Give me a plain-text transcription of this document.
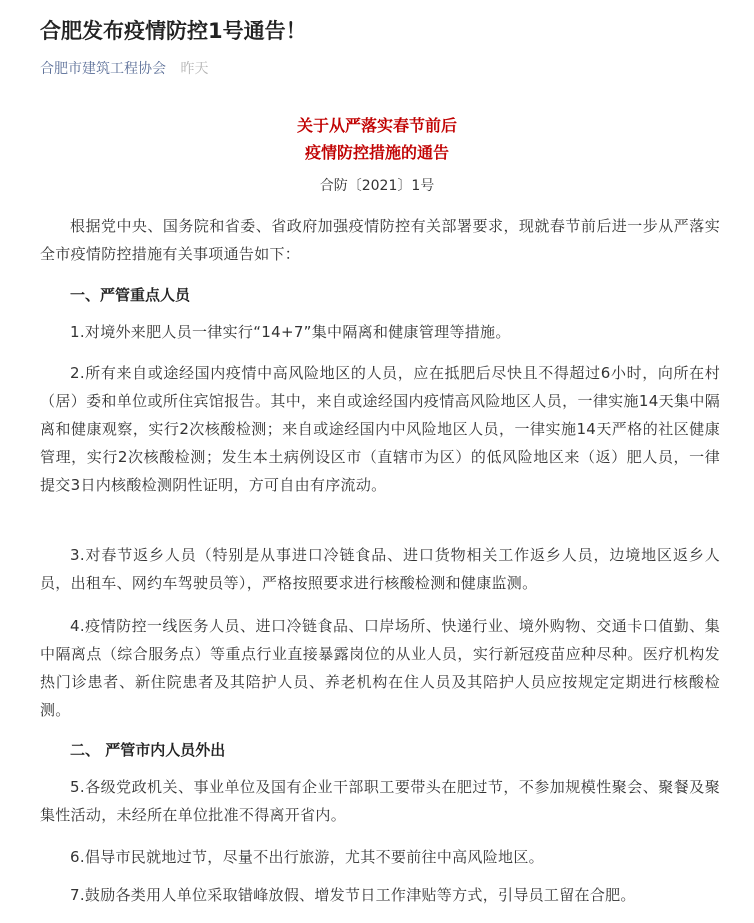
合肥发布疫情防控1号通告！
合肥市建筑工程协会 昨天
关于从严落实春节前后
疫情防控措施的通告
合防〔2021〕1号

根据党中央、国务院和省委、省政府加强疫情防控有关部署要求，现就春节前后进一步从严落实全市疫情防控措施有关事项通告如下：

一、严管重点人员

1.对境外来肥人员一律实行“14+7”集中隔离和健康管理等措施。

2.所有来自或途经国内疫情中高风险地区的人员，应在抵肥后尽快且不得超过6小时，向所在村（居）委和单位或所住宾馆报告。其中，来自或途经国内疫情高风险地区人员，一律实施14天集中隔离和健康观察，实行2次核酸检测；来自或途经国内中风险地区人员，一律实施14天严格的社区健康管理，实行2次核酸检测；发生本土病例设区市（直辖市为区）的低风险地区来（返）肥人员，一律提交3日内核酸检测阴性证明，方可自由有序流动。

3.对春节返乡人员（特别是从事进口冷链食品、进口货物相关工作返乡人员，边境地区返乡人员，出租车、网约车驾驶员等），严格按照要求进行核酸检测和健康监测。

4.疫情防控一线医务人员、进口冷链食品、口岸场所、快递行业、境外购物、交通卡口值勤、集中隔离点（综合服务点）等重点行业直接暴露岗位的从业人员，实行新冠疫苗应种尽种。医疗机构发热门诊患者、新住院患者及其陪护人员、养老机构在住人员及其陪护人员应按规定定期进行核酸检测。

二、 严管市内人员外出

5.各级党政机关、事业单位及国有企业干部职工要带头在肥过节，不参加规模性聚会、聚餐及聚集性活动，未经所在单位批准不得离开省内。

6.倡导市民就地过节，尽量不出行旅游，尤其不要前往中高风险地区。

7.鼓励各类用人单位采取错峰放假、增发节日工作津贴等方式，引导员工留在合肥。
